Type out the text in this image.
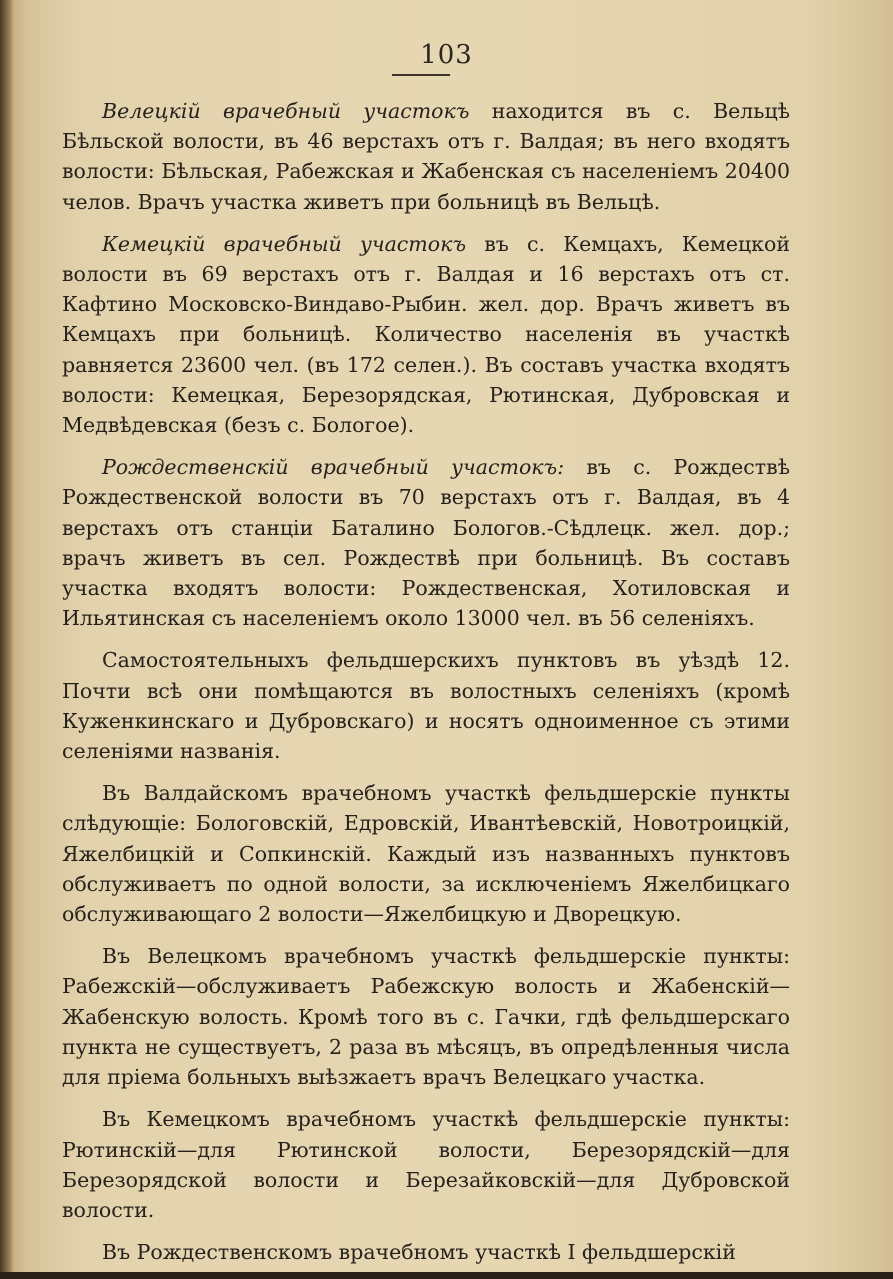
103

Велецкій врачебный участокъ находится въ с. Вельцѣ Бѣльской волости, въ 46 верстахъ отъ г. Валдая; въ него входятъ волости: Бѣльская, Рабежская и Жабенская съ населеніемъ 20400 челов. Врачъ участка живетъ при больницѣ въ Вельцѣ.

Кемецкій врачебный участокъ въ с. Кемцахъ, Кемецкой волости въ 69 верстахъ отъ г. Валдая и 16 верстахъ отъ ст. Кафтино Московско-Виндаво-Рыбин. жел. дор. Врачъ живетъ въ Кемцахъ при больницѣ. Количество населенія въ участкѣ равняется 23600 чел. (въ 172 селен.). Въ составъ участка входятъ волости: Кемецкая, Березорядская, Рютинская, Дубровская и Медвѣдевская (безъ с. Бологое).

Рождественскій врачебный участокъ: въ с. Рождествѣ Рождественской волости въ 70 верстахъ отъ г. Валдая, въ 4 верстахъ отъ станціи Баталино Бологов.-Сѣдлецк. жел. дор.; врачъ живетъ въ сел. Рождествѣ при больницѣ. Въ составъ участка входятъ волости: Рождественская, Хотиловская и Ильятинская съ населеніемъ около 13000 чел. въ 56 селеніяхъ.

Самостоятельныхъ фельдшерскихъ пунктовъ въ уѣздѣ 12. Почти всѣ они помѣщаются въ волостныхъ селеніяхъ (кромѣ Куженкинскаго и Дубровскаго) и носятъ одноименное съ этими селеніями названія.

Въ Валдайскомъ врачебномъ участкѣ фельдшерскіе пункты слѣдующіе: Бологовскій, Едровскій, Ивантѣевскій, Новотроицкій, Яжелбицкій и Сопкинскій. Каждый изъ названныхъ пунктовъ обслуживаетъ по одной волости, за исключеніемъ Яжелбицкаго обслуживающаго 2 волости—Яжелбицкую и Дворецкую.

Въ Велецкомъ врачебномъ участкѣ фельдшерскіе пункты: Рабежскій—обслуживаетъ Рабежскую волость и Жабенскій—Жабенскую волость. Кромѣ того въ с. Гачки, гдѣ фельдшерскаго пункта не существуетъ, 2 раза въ мѣсяцъ, въ опредѣленныя числа для пріема больныхъ выѣзжаетъ врачъ Велецкаго участка.

Въ Кемецкомъ врачебномъ участкѣ фельдшерскіе пункты: Рютинскій—для Рютинской волости, Березорядскій—для Березорядской волости и Березайковскій—для Дубровской волости.

Въ Рождественскомъ врачебномъ участкѣ I фельдшерскій
